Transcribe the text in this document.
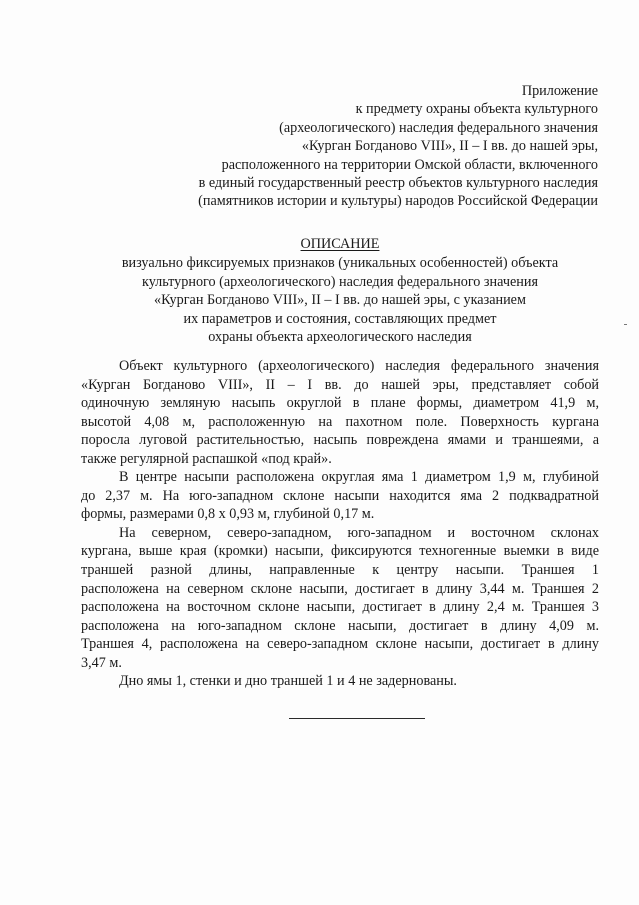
Приложение
к предмету охраны объекта культурного
(археологического) наследия федерального значения
«Курган Богданово VIII», II – I вв. до нашей эры,
расположенного на территории Омской области, включенного
в единый государственный реестр объектов культурного наследия
(памятников истории и культуры) народов Российской Федерации
ОПИСАНИЕ
визуально фиксируемых признаков (уникальных особенностей) объекта
культурного (археологического) наследия федерального значения
«Курган Богданово VIII», II – I вв. до нашей эры, с указанием
их параметров и состояния, составляющих предмет
охраны объекта археологического наследия

Объект культурного (археологического) наследия федерального значения
«Курган Богданово VIII», II – I вв. до нашей эры, представляет собой
одиночную земляную насыпь округлой в плане формы, диаметром 41,9 м,
высотой 4,08 м, расположенную на пахотном поле. Поверхность кургана
поросла луговой растительностью, насыпь повреждена ямами и траншеями, а
также регулярной распашкой «под край».

В центре насыпи расположена округлая яма 1 диаметром 1,9 м, глубиной
до 2,37 м. На юго-западном склоне насыпи находится яма 2 подквадратной
формы, размерами 0,8 х 0,93 м, глубиной 0,17 м.

На северном, северо-западном, юго-западном и восточном склонах
кургана, выше края (кромки) насыпи, фиксируются техногенные выемки в виде
траншей разной длины, направленные к центру насыпи. Траншея 1
расположена на северном склоне насыпи, достигает в длину 3,44 м. Траншея 2
расположена на восточном склоне насыпи, достигает в длину 2,4 м. Траншея 3
расположена на юго-западном склоне насыпи, достигает в длину 4,09 м.
Траншея 4, расположена на северо-западном склоне насыпи, достигает в длину
3,47 м.

Дно ямы 1, стенки и дно траншей 1 и 4 не задернованы.
